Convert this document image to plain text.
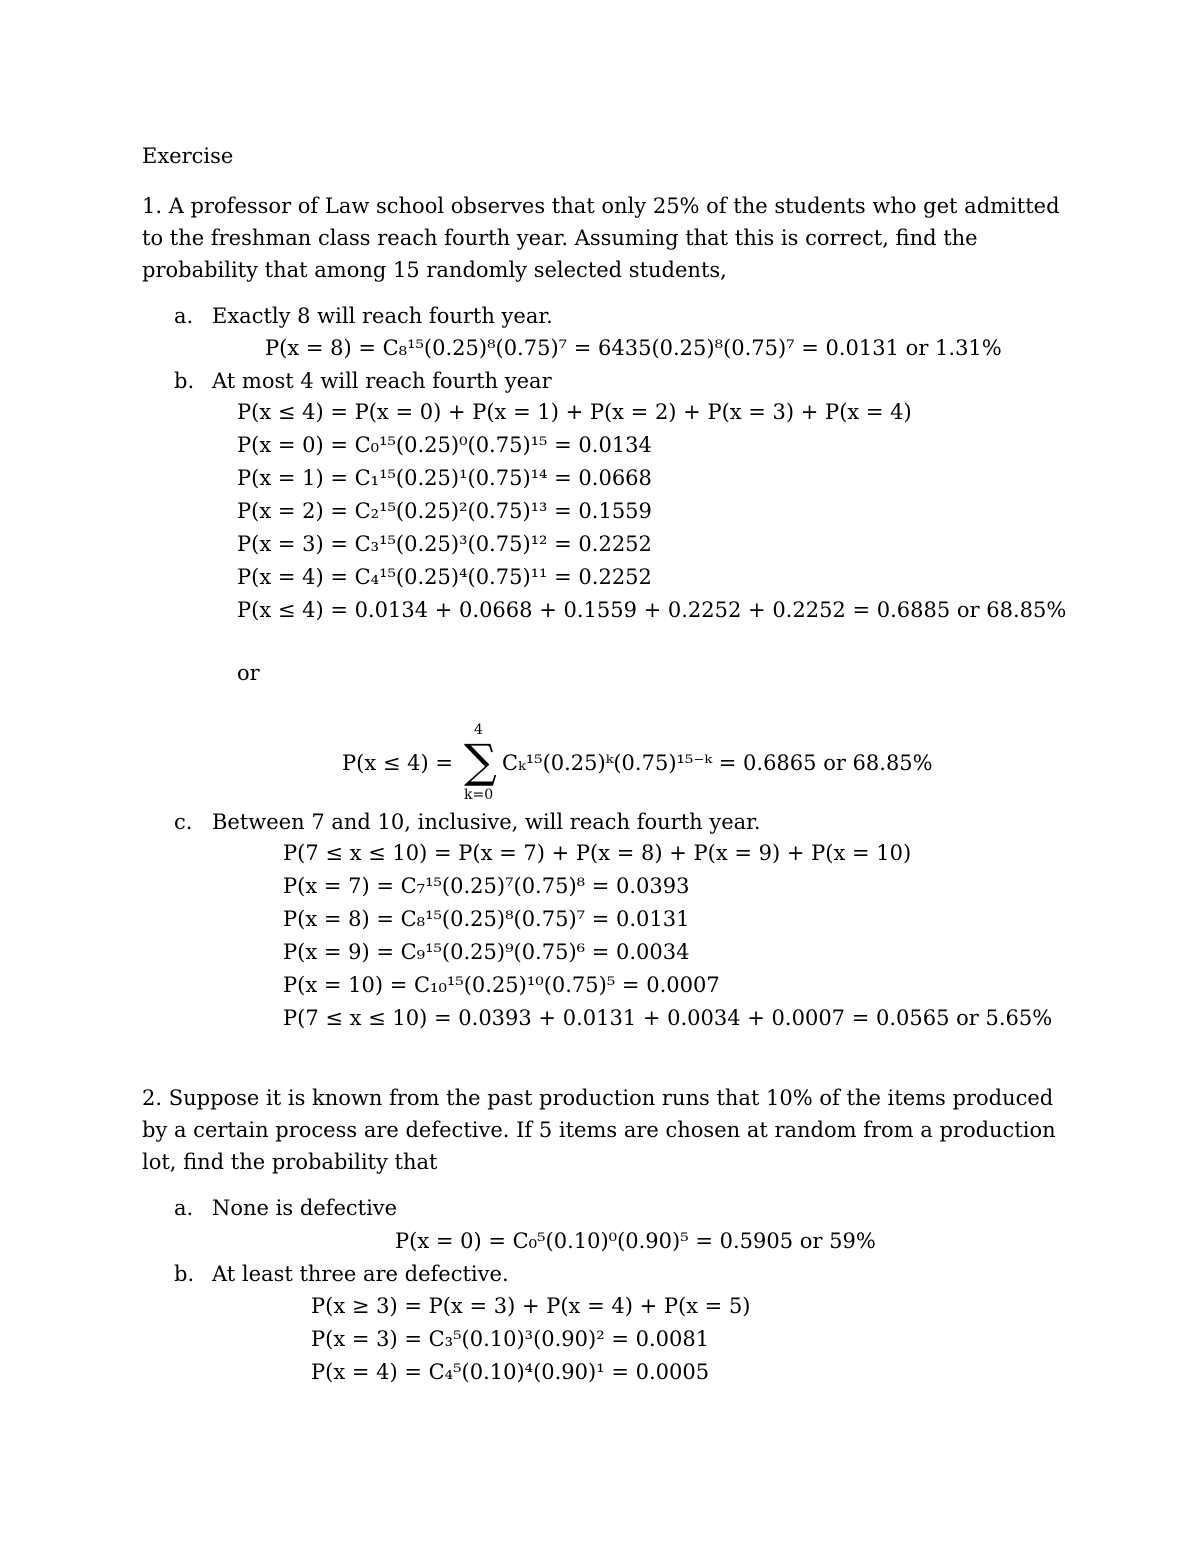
Exercise
1. A professor of Law school observes that only 25% of the students who get admitted to the freshman class reach fourth year. Assuming that this is correct, find the probability that among 15 randomly selected students,
a. Exactly 8 will reach fourth year.
P(x = 8) = C₈¹⁵(0.25)⁸(0.75)⁷ = 6435(0.25)⁸(0.75)⁷ = 0.0131 or 1.31%
b. At most 4 will reach fourth year
P(x ≤ 4) = P(x = 0) + P(x = 1) + P(x = 2) + P(x = 3) + P(x = 4)
P(x = 0) = C₀¹⁵(0.25)⁰(0.75)¹⁵ = 0.0134
P(x = 1) = C₁¹⁵(0.25)¹(0.75)¹⁴ = 0.0668
P(x = 2) = C₂¹⁵(0.25)²(0.75)¹³ = 0.1559
P(x = 3) = C₃¹⁵(0.25)³(0.75)¹² = 0.2252
P(x = 4) = C₄¹⁵(0.25)⁴(0.75)¹¹ = 0.2252
P(x ≤ 4) = 0.0134 + 0.0668 + 0.1559 + 0.2252 + 0.2252 = 0.6885 or 68.85%
or
4
P(x ≤ 4) = ∑
k=0
Cₖ¹⁵(0.25)ᵏ(0.75)¹⁵⁻ᵏ = 0.6865 or 68.85%
c. Between 7 and 10, inclusive, will reach fourth year.
P(7 ≤ x ≤ 10) = P(x = 7) + P(x = 8) + P(x = 9) + P(x = 10)
P(x = 7) = C₇¹⁵(0.25)⁷(0.75)⁸ = 0.0393
P(x = 8) = C₈¹⁵(0.25)⁸(0.75)⁷ = 0.0131
P(x = 9) = C₉¹⁵(0.25)⁹(0.75)⁶ = 0.0034
P(x = 10) = C₁₀¹⁵(0.25)¹⁰(0.75)⁵ = 0.0007
P(7 ≤ x ≤ 10) = 0.0393 + 0.0131 + 0.0034 + 0.0007 = 0.0565 or 5.65%
2. Suppose it is known from the past production runs that 10% of the items produced by a certain process are defective. If 5 items are chosen at random from a production lot, find the probability that
a. None is defective
P(x = 0) = C₀⁵(0.10)⁰(0.90)⁵ = 0.5905 or 59%
b. At least three are defective.
P(x ≥ 3) = P(x = 3) + P(x = 4) + P(x = 5)
P(x = 3) = C₃⁵(0.10)³(0.90)² = 0.0081
P(x = 4) = C₄⁵(0.10)⁴(0.90)¹ = 0.0005
